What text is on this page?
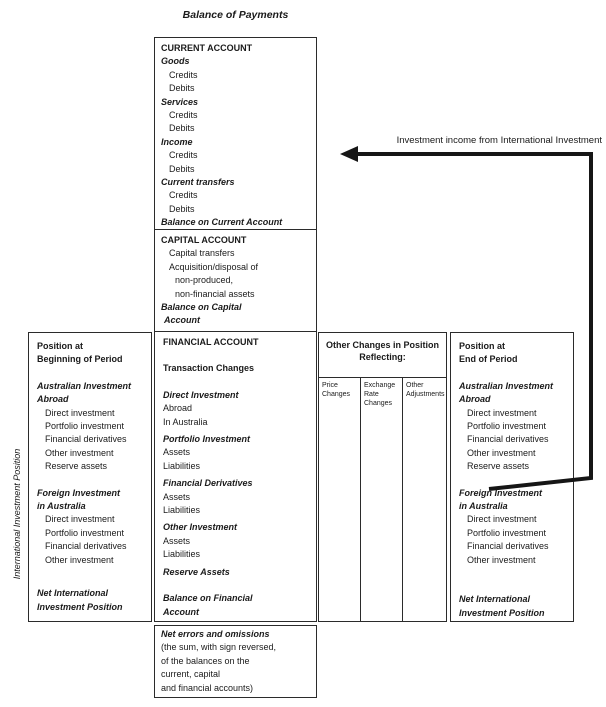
Balance of Payments
CURRENT ACCOUNT
Goods
Credits
Debits
Services
Credits
Debits
Income
Credits
Debits
Current transfers
Credits
Debits
Balance on Current Account
CAPITAL ACCOUNT
Capital transfers
Acquisition/disposal of
non-produced,
non-financial assets
Balance on Capital
Account
Position at
Beginning of Period
Australian Investment
Abroad
Direct investment
Portfolio investment
Financial derivatives
Other investment
Reserve assets
Foreign Investment
in Australia
Direct investment
Portfolio investment
Financial derivatives
Other investment
Net International
Investment Position
FINANCIAL ACCOUNT
Transaction Changes
Direct Investment
Abroad
In Australia
Portfolio Investment
Assets
Liabilities
Financial Derivatives
Assets
Liabilities
Other Investment
Assets
Liabilities
Reserve Assets
Balance on Financial
Account
Other Changes in Position Reflecting:
Price Changes
Exchange Rate Changes
Other Adjustments
Position at
End of Period
Australian Investment
Abroad
Direct investment
Portfolio investment
Financial derivatives
Other investment
Reserve assets
Foreign Investment
in Australia
Direct investment
Portfolio investment
Financial derivatives
Other investment
Net International
Investment Position
Net errors and omissions
(the sum, with sign reversed,
of the balances on the
current, capital
and financial accounts)
International Investment Position
Investment income from International Investment
